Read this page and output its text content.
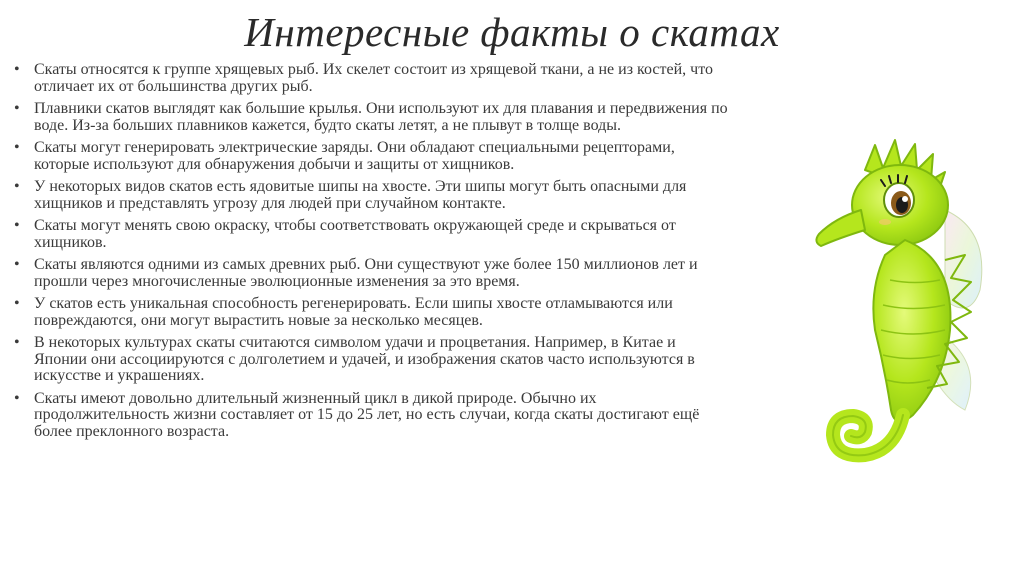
Интересные факты о скатах
• Скаты относятся к группе хрящевых рыб. Их скелет состоит из хрящевой ткани, а не из костей, что отличает их от большинства других рыб.
• Плавники скатов выглядят как большие крылья. Они используют их для плавания и передвижения по воде. Из-за больших плавников кажется, будто скаты летят, а не плывут в толще воды.
• Скаты могут генерировать электрические заряды. Они обладают специальными рецепторами, которые используют для обнаружения добычи и защиты от хищников.
• У некоторых видов скатов есть ядовитые шипы на хвосте. Эти шипы могут быть опасными для хищников и представлять угрозу для людей при случайном контакте.
• Скаты могут менять свою окраску, чтобы соответствовать окружающей среде и скрываться от хищников.
• Скаты являются одними из самых древних рыб. Они существуют уже более 150 миллионов лет и прошли через многочисленные эволюционные изменения за это время.
• У скатов есть уникальная способность регенерировать. Если шипы хвосте отламываются или повреждаются, они могут вырастить новые за несколько месяцев.
• В некоторых культурах скаты считаются символом удачи и процветания. Например, в Китае и Японии они ассоциируются с долголетием и удачей, и изображения скатов часто используются в искусстве и украшениях.
• Скаты имеют довольно длительный жизненный цикл в дикой природе. Обычно их продолжительность жизни составляет от 15 до 25 лет, но есть случаи, когда скаты достигают ещё более преклонного возраста.
